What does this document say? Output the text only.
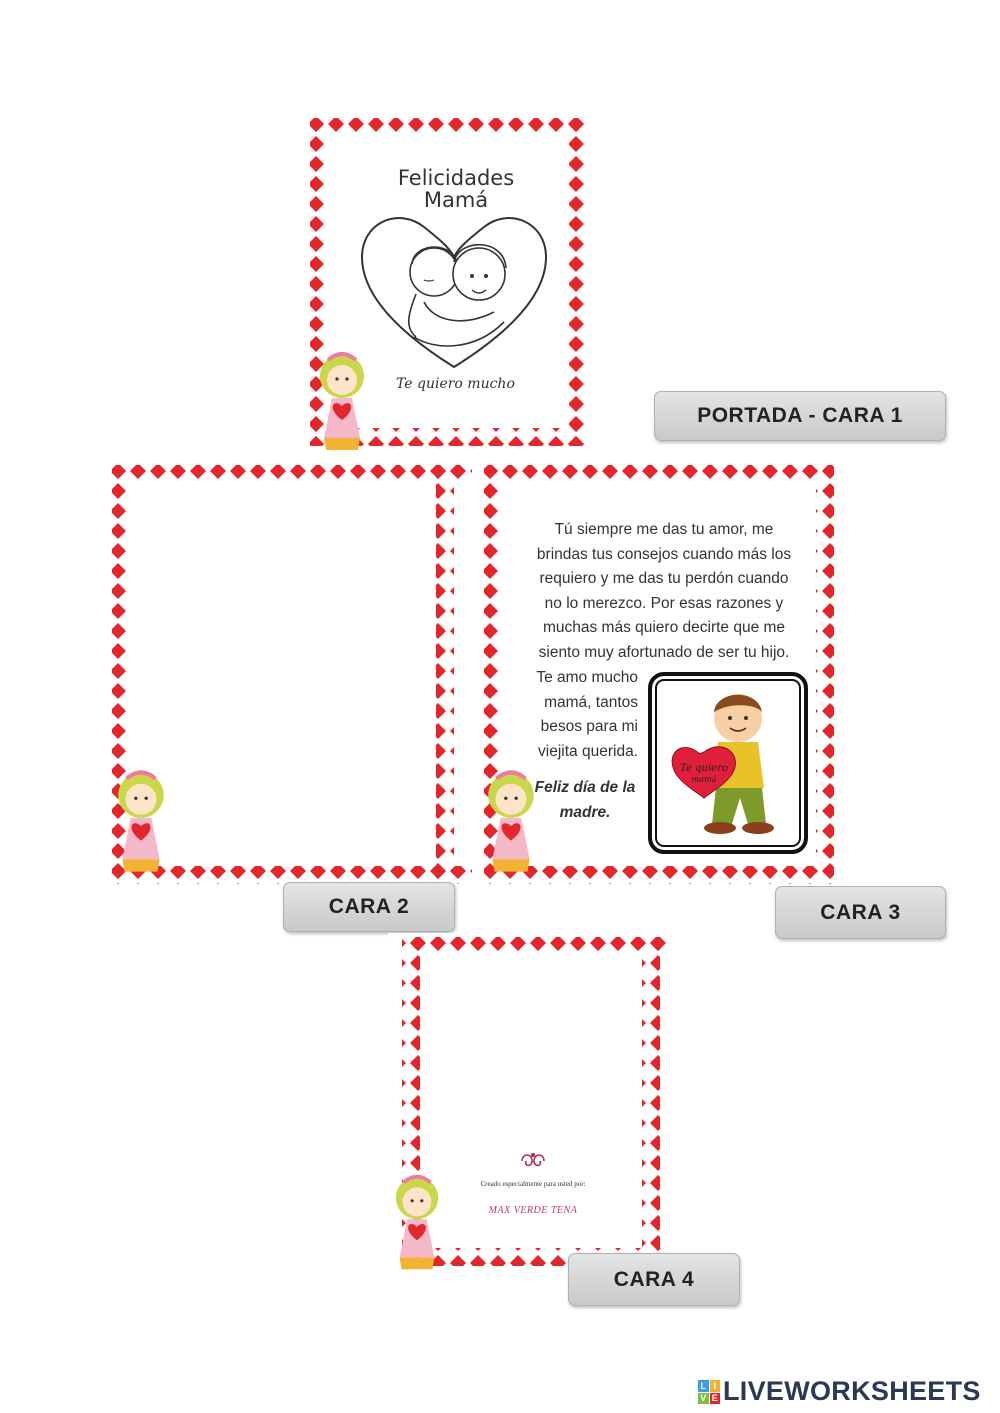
Felicidades
Mamá
Te quiero mucho
PORTADA - CARA 1
CARA 2
Tú siempre me das tu amor, me
brindas tus consejos cuando más los
requiero y me das tu perdón cuando
no lo merezco. Por esas razones y
muchas más quiero decirte que me
siento muy afortunado de ser tu hijo.
Te amo mucho
mamá, tantos
besos para mi
viejita querida.
Feliz día de la
madre.
Te quiero
mamá
CARA 3
Creado especialmente para usted por:
MAX VERDE TENA
CARA 4
L I
V E LIVEWORKSHEETS
